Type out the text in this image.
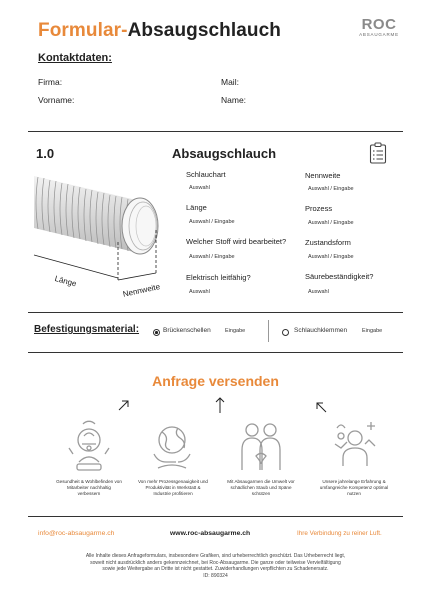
Formular-Absaugschlauch	ROC
ABSAUGARME
Kontaktdaten:
Firma:	Mail:
Vorname:	Name:
1.0	Absaugschlauch
Länge
Nennweite
Schlauchart
Auswahl
Länge
Auswahl / Eingabe
Welcher Stoff wird bearbeitet?
Auswahl / Eingabe
Elektrisch leitfähig?
Auswahl
Nennweite
Auswahl / Eingabe
Prozess
Auswahl / Eingabe
Zustandsform
Auswahl / Eingabe
Säurebeständigkeit?
Auswahl
Befestigungsmaterial:	Brückenschellen	Eingabe	Schlauchklemmen	Eingabe
Anfrage versenden
Gesundheit & Wohlbefinden von Mitarbeiter nachhaltig verbessern
Von mehr Prozessgenauigkeit und Produktivität in Werkstatt & Industrie profitieren
Mit Absaugarmen die Umwelt vor schädlichen Staub und Späne schützen
Unsere jahrelange Erfahrung & umfangreiche Kompetenz optimal nutzen
info@roc-absaugarme.ch	www.roc-absaugarme.ch	Ihre Verbindung zu reiner Luft.
Alle Inhalte dieses Anfrageformulars, insbesondere Grafiken, sind urheberrechtlich geschützt. Das Urheberrecht liegt,
soweit nicht ausdrücklich anders gekennzeichnet, bei Roc-Absaugarme. Die ganze oder teilweise Vervielfältigung
sowie jede Weitergabe an Dritte ist nicht gestattet. Zuwiderhandlungen verpflichten zu Schadenersatz.
ID: 890324
